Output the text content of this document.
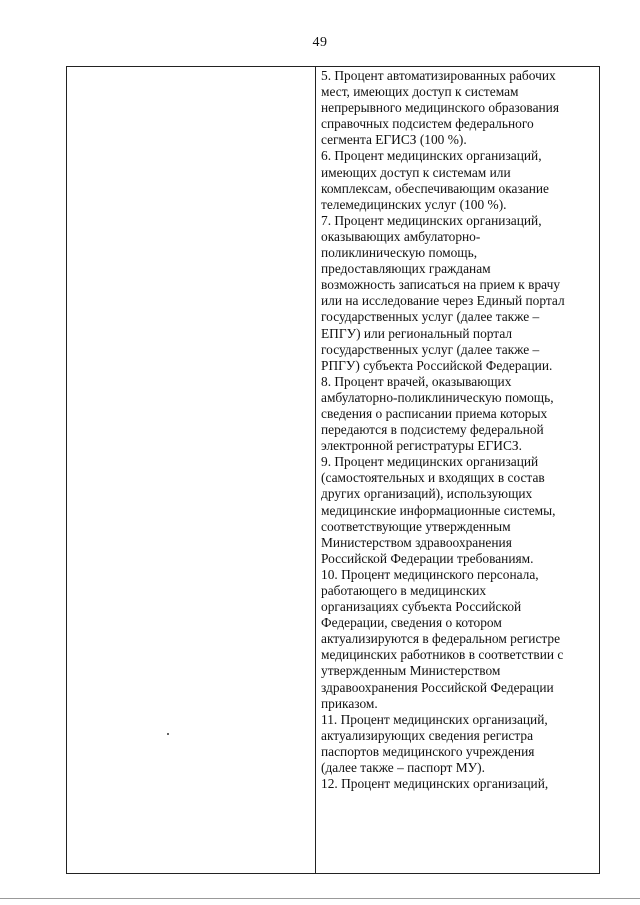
49

5. Процент автоматизированных рабочих
мест, имеющих доступ к системам
непрерывного медицинского образования
справочных подсистем федерального
сегмента ЕГИСЗ (100 %).
6. Процент медицинских организаций,
имеющих доступ к системам или
комплексам, обеспечивающим оказание
телемедицинских услуг (100 %).
7. Процент медицинских организаций,
оказывающих амбулаторно-
поликлиническую помощь,
предоставляющих гражданам
возможность записаться на прием к врачу
или на исследование через Единый портал
государственных услуг (далее также –
ЕПГУ) или региональный портал
государственных услуг (далее также –
РПГУ) субъекта Российской Федерации.
8. Процент врачей, оказывающих
амбулаторно-поликлиническую помощь,
сведения о расписании приема которых
передаются в подсистему федеральной
электронной регистратуры ЕГИСЗ.
9. Процент медицинских организаций
(самостоятельных и входящих в состав
других организаций), использующих
медицинские информационные системы,
соответствующие утвержденным
Министерством здравоохранения
Российской Федерации требованиям.
10. Процент медицинского персонала,
работающего в медицинских
организациях субъекта Российской
Федерации, сведения о котором
актуализируются в федеральном регистре
медицинских работников в соответствии с
утвержденным Министерством
здравоохранения Российской Федерации
приказом.
11. Процент медицинских организаций,
актуализирующих сведения регистра
паспортов медицинского учреждения
(далее также – паспорт МУ).
12. Процент медицинских организаций,
